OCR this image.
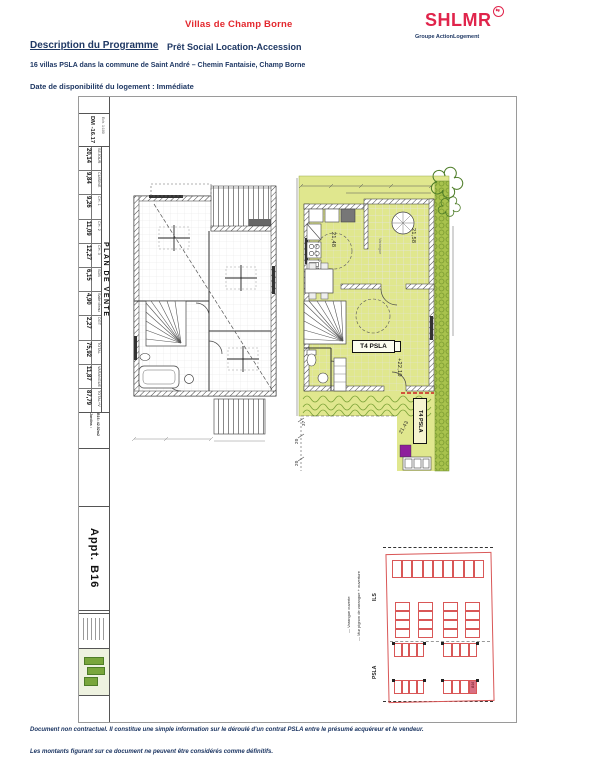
Villas de Champ Borne	SHLMR ⇆
Groupe ActionLogement
Description du Programme Prêt Social Location-Accession
16 villas PSLA dans la commune de Saint André – Chemin Fantaisie, Champ Borne
Date de disponibilité du logement : Immédiate
DM -16.17	Ech. 1:100
20,14	SEJOUR
9,84	CUISINE
9,26	CH. 1
11,09	CH. 2
12,27	CH. 3
6,15	SDB
4,90	Salle d'eau
2,27	DGT
75,92	TOTAL
11,87	VARANGUE
87,79	TOTAL+V
PLAN DE VENTE
Jardins : B16: 42.52m2
Appt. B16
21,48	Varangue
21,58
T4 PSLA
+22,10
T4 PSLA
21,43
37
20
20
B16
— Varangue ouverte — Mur pignon de varangue + ouverture ILS
PSLA
Document non contractuel. Il constitue une simple information sur le déroulé d'un contrat PSLA entre le présumé acquéreur et le vendeur.
Les montants figurant sur ce document ne peuvent être considérés comme définitifs.
